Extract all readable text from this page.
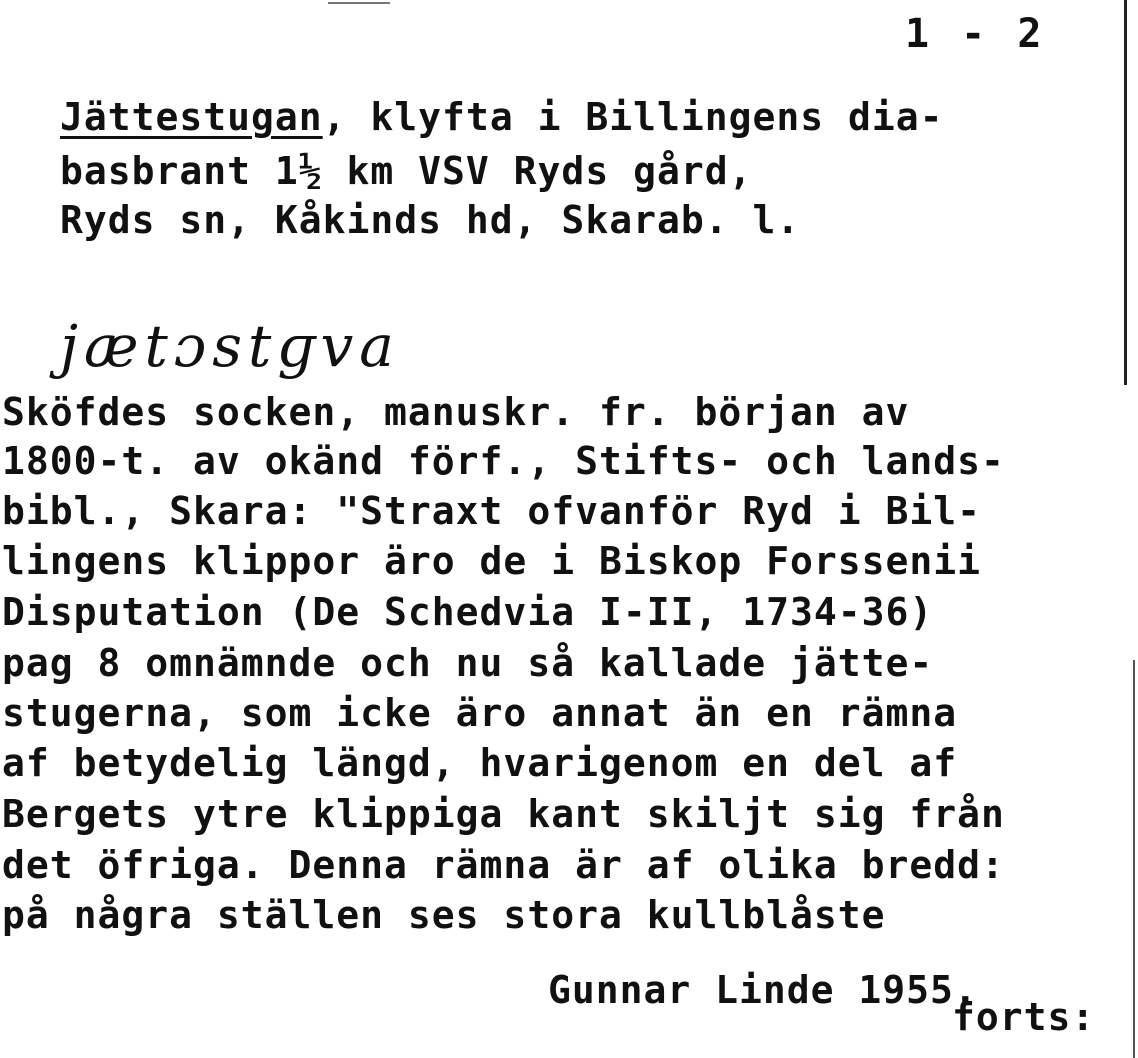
1 - 2
Jättestugan, klyfta i Billingens dia-
basbrant 1½ km VSV Ryds gård,
Ryds sn, Kåkinds hd, Skarab. l.
jætɔstɡva
Sköfdes socken, manuskr. fr. början av
1800-t. av okänd förf., Stifts- och lands-
bibl., Skara: "Straxt ofvanför Ryd i Bil-
lingens klippor äro de i Biskop Forssenii
Disputation (De Schedvia I-II, 1734-36)
pag 8 omnämnde och nu så kallade jätte-
stugerna, som icke äro annat än en rämna
af betydelig längd, hvarigenom en del af
Bergets ytre klippiga kant skiljt sig från
det öfriga. Denna rämna är af olika bredd:
på några ställen ses stora kullblåste
Gunnar Linde 1955.
forts:
